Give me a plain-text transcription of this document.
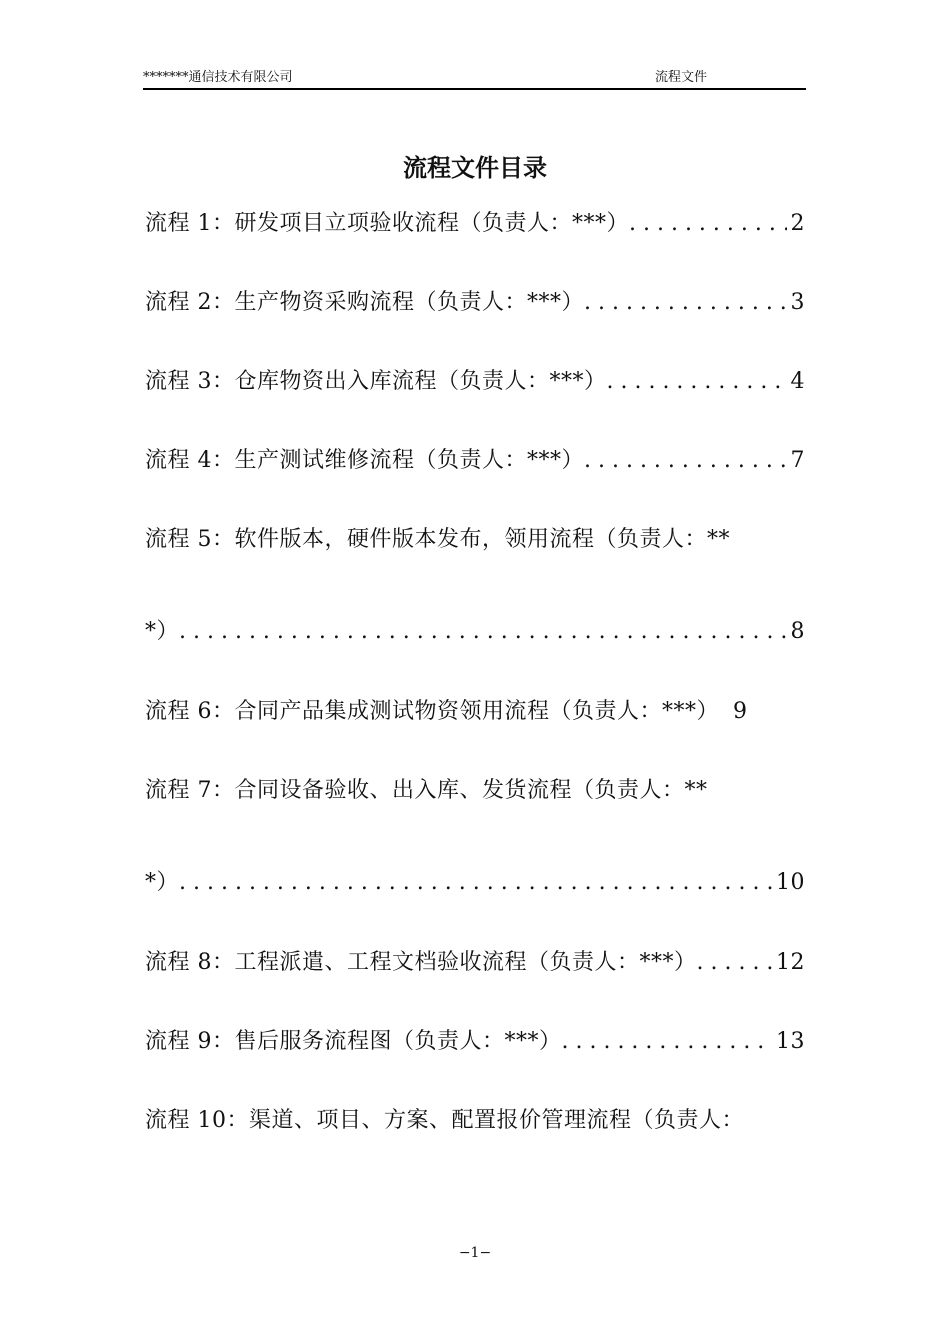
*******通信技术有限公司	流程文件
流程文件目录
流程 1：研发项目立项验收流程（负责人：***） . . .	2
流程 2：生产物资采购流程（负责人：***） . . .	3
流程 3：仓库物资出入库流程（负责人：***） . . .	4
流程 4：生产测试维修流程（负责人：***） . . .	7
流程 5：软件版本，硬件版本发布，领用流程（负责人：**
*） . . .	8
流程 6：合同产品集成测试物资领用流程（负责人：***） 9
流程 7：合同设备验收、出入库、发货流程（负责人：**
*） . . .	10
流程 8：工程派遣、工程文档验收流程（负责人：***） . . .	12
流程 9：售后服务流程图（负责人：***） . . .	13
流程 10：渠道、项目、方案、配置报价管理流程（负责人：
−1−
